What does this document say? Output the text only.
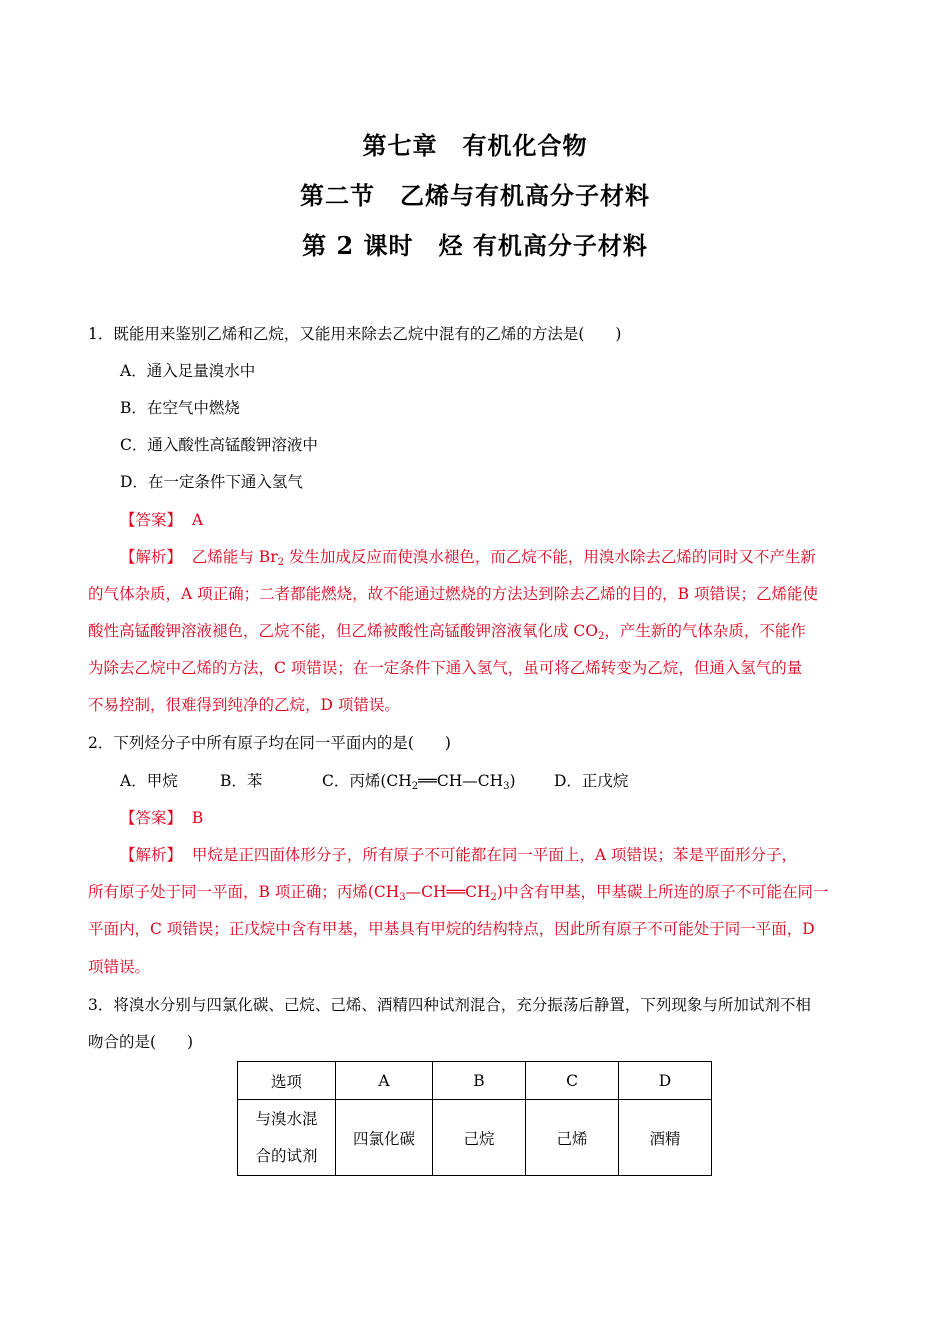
第七章　有机化合物
第二节　乙烯与有机高分子材料
第 2 课时　烃 有机高分子材料
1．既能用来鉴别乙烯和乙烷，又能用来除去乙烷中混有的乙烯的方法是(　　)
A．通入足量溴水中
B．在空气中燃烧
C．通入酸性高锰酸钾溶液中
D．在一定条件下通入氢气
【答案】 A
【解析】 乙烯能与 $Br_2$ 发生加成反应而使溴水褪色，而乙烷不能，用溴水除去乙烯的同时又不产生新
的气体杂质，A 项正确；二者都能燃烧，故不能通过燃烧的方法达到除去乙烯的目的，B 项错误；乙烯能使
酸性高锰酸钾溶液褪色，乙烷不能，但乙烯被酸性高锰酸钾溶液氧化成 $CO_2$，产生新的气体杂质，不能作
为除去乙烷中乙烯的方法，C 项错误；在一定条件下通入氢气，虽可将乙烯转变为乙烷，但通入氢气的量
不易控制，很难得到纯净的乙烷，D 项错误。
2．下列烃分子中所有原子均在同一平面内的是(　　)
A．甲烷	B．苯	C．丙烯$(CH_2══CH—CH_3)$ D．正戊烷
【答案】 B
【解析】 甲烷是正四面体形分子，所有原子不可能都在同一平面上，A 项错误；苯是平面形分子，
所有原子处于同一平面，B 项正确；丙烯$(CH_3—CH══CH_2)$中含有甲基，甲基碳上所连的原子不可能在同一
平面内，C 项错误；正戊烷中含有甲基，甲基具有甲烷的结构特点，因此所有原子不可能处于同一平面，D
项错误。
3．将溴水分别与四氯化碳、己烷、己烯、酒精四种试剂混合，充分振荡后静置，下列现象与所加试剂不相
吻合的是(　　)
选项	A	B	C	D

与溴水混
合的试剂	四氯化碳	己烷	己烯	酒精
